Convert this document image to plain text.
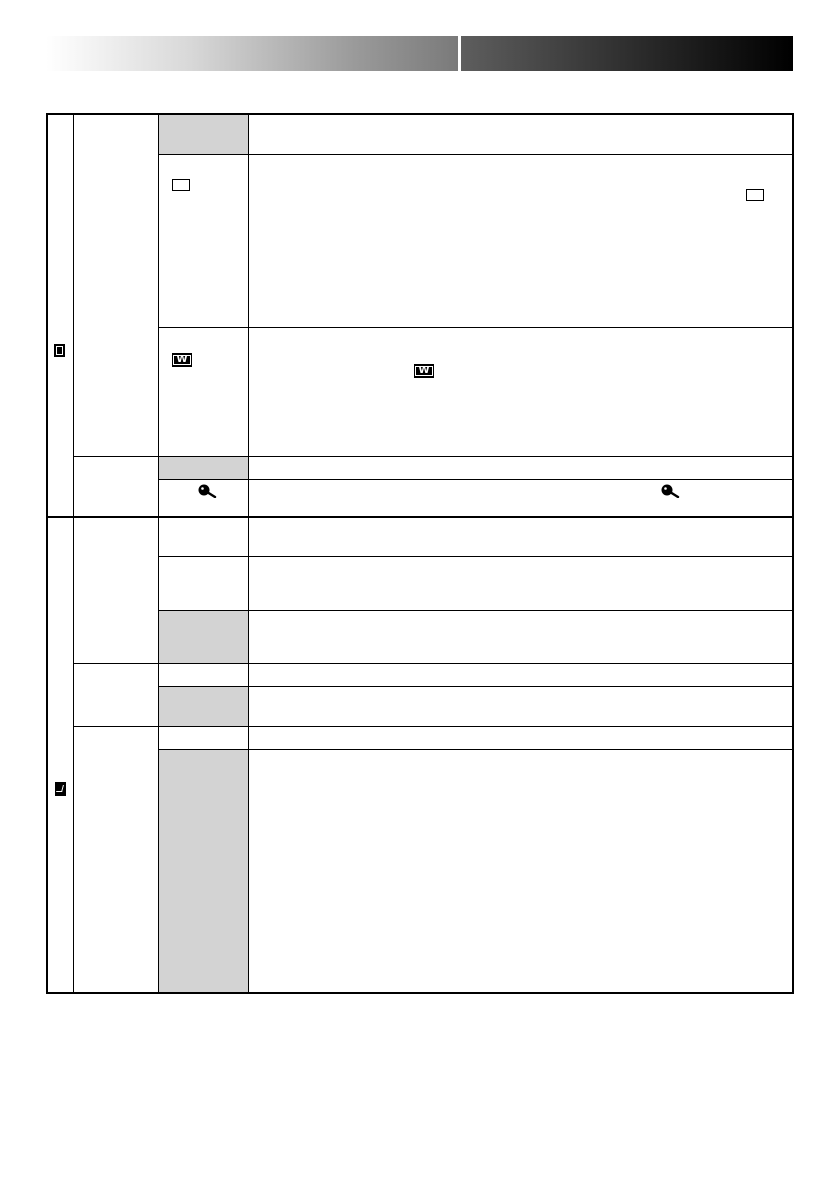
W
W
